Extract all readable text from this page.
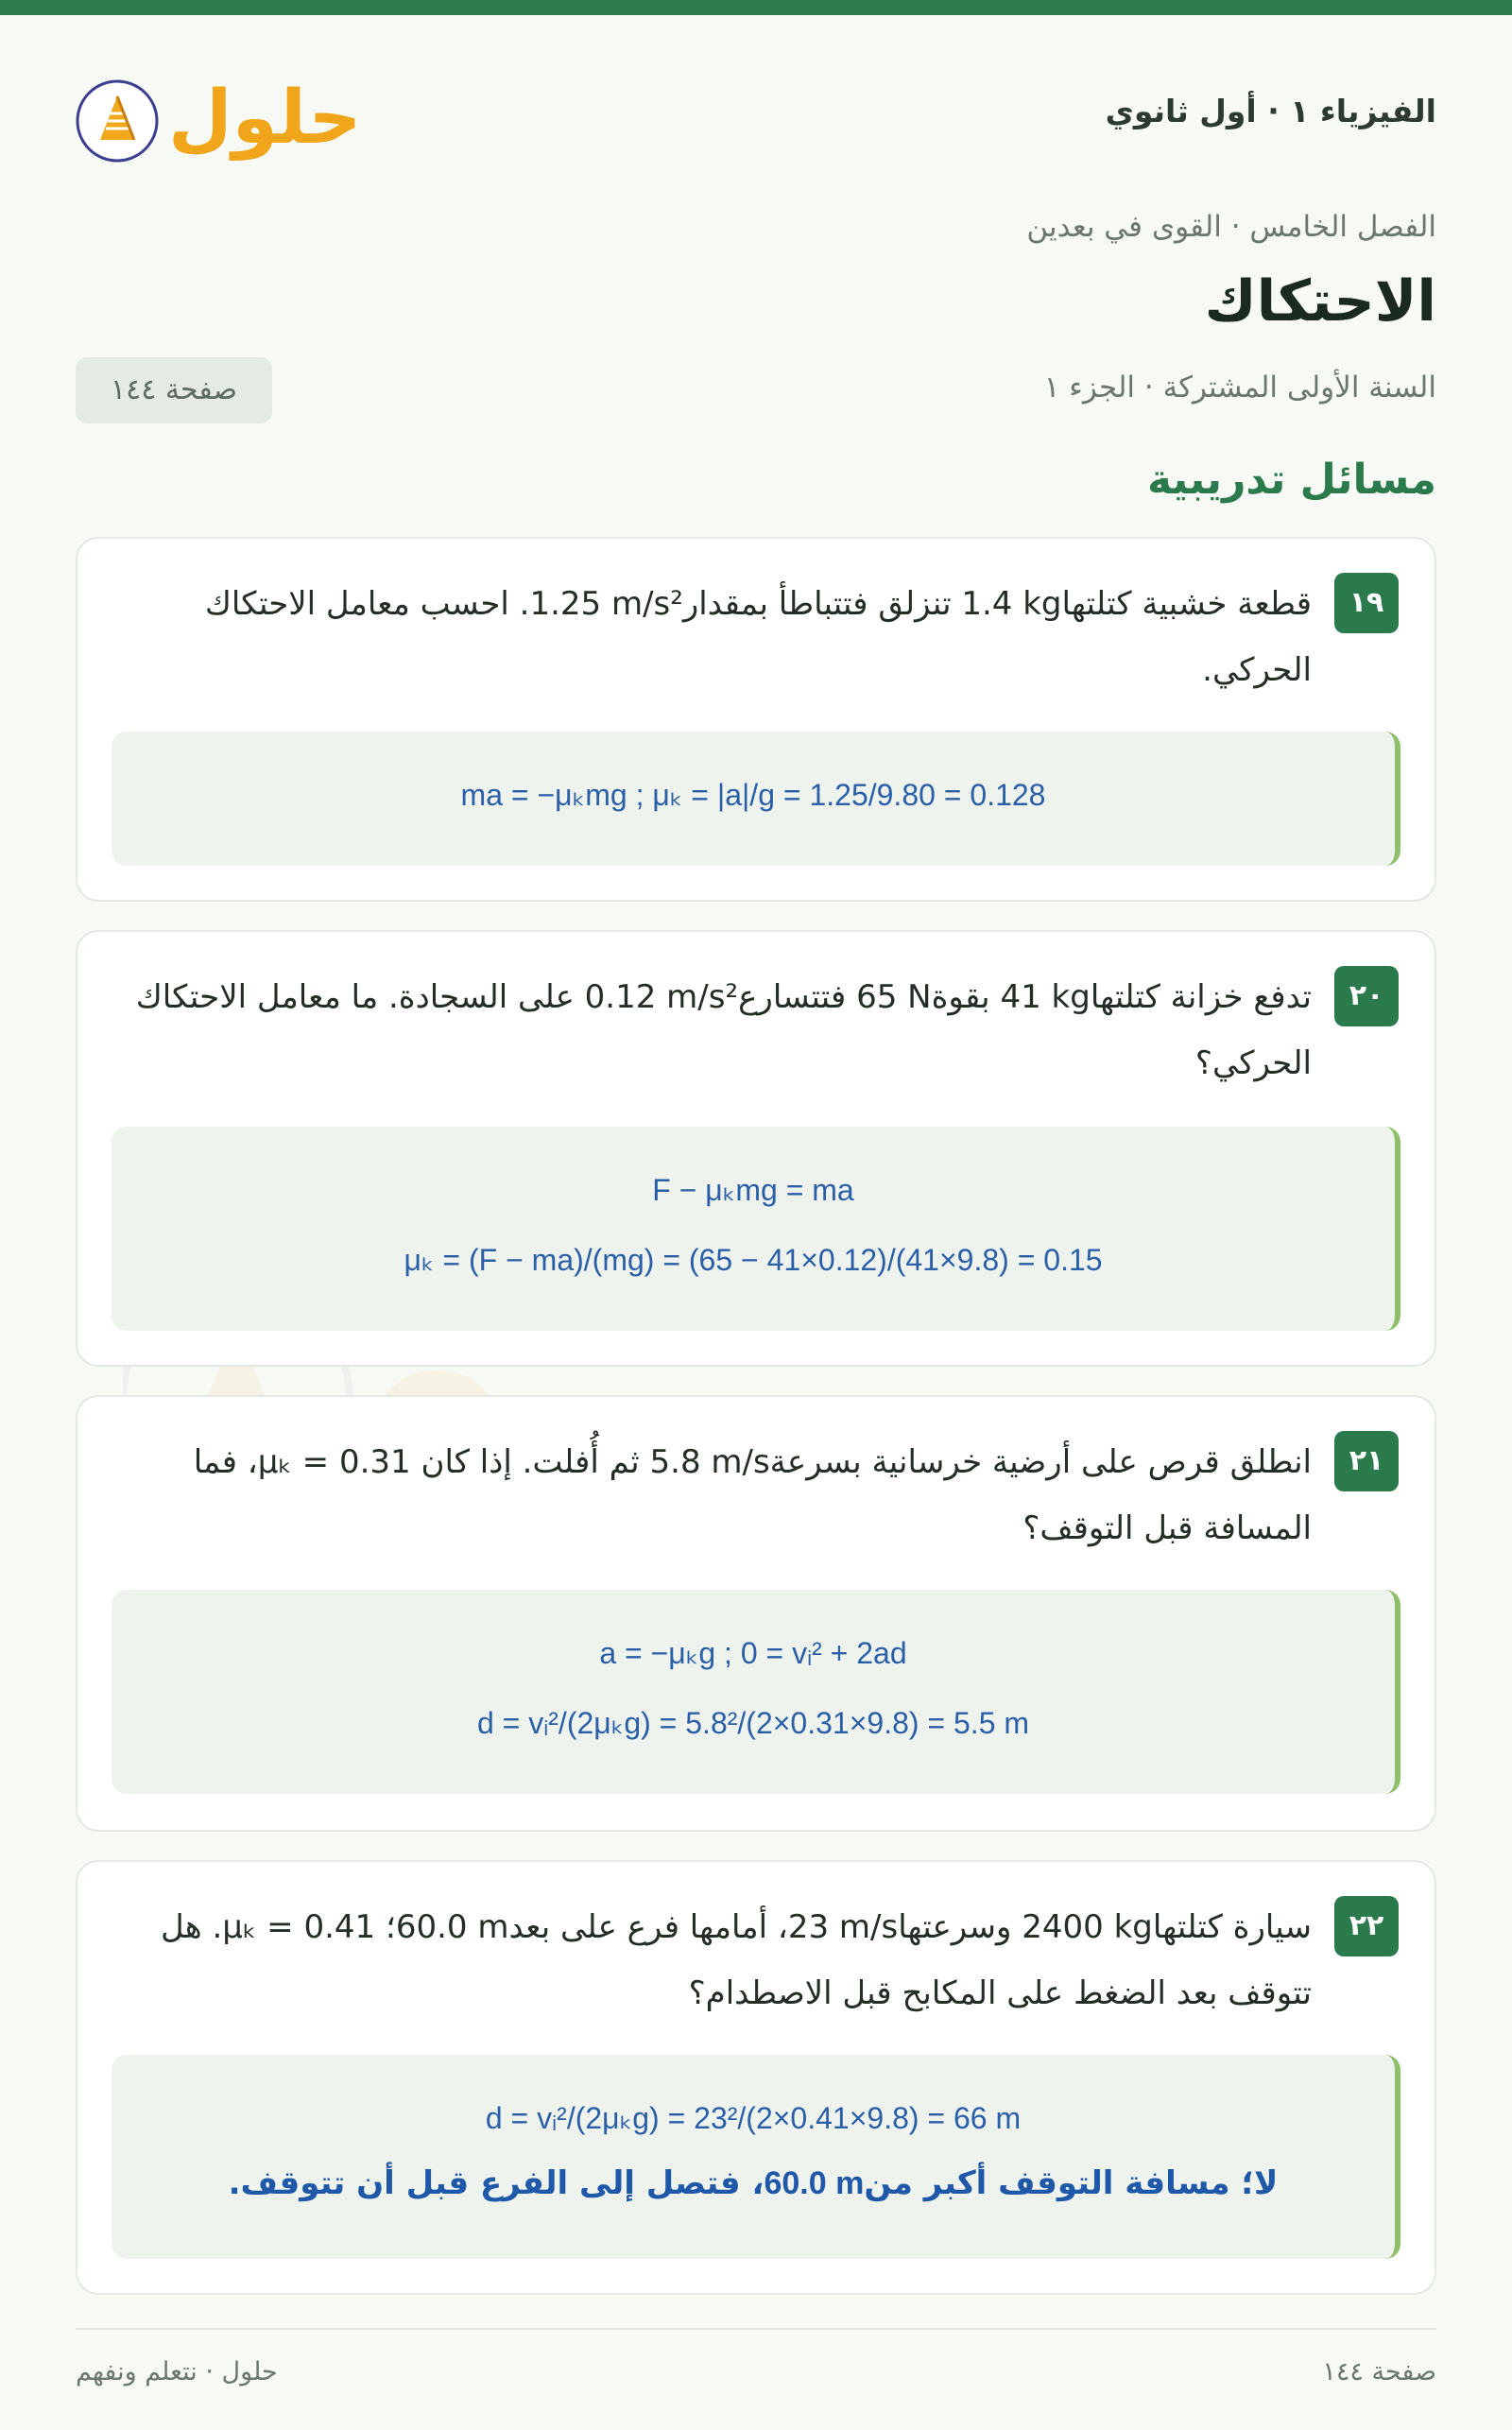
الفيزياء ١ · أول ثانوي
حلول
الفصل الخامس · القوى في بعدين
الاحتكاك
السنة الأولى المشتركة · الجزء ١
صفحة ١٤٤
مسائل تدريبية
١٩
قطعة خشبية كتلتها1.4 kg تنزلق فتتباطأ بمقدار1.25 m/s². احسب معامل الاحتكاك الحركي.
ma = −μₖmg ; μₖ = |a|/g = 1.25/9.80 = 0.128
٢٠
تدفع خزانة كتلتها41 kg بقوة65 N فتتسارع0.12 m/s² على السجادة. ما معامل الاحتكاك الحركي؟
F − μₖmg = ma
μₖ = (F − ma)/(mg) = (65 − 41×0.12)/(41×9.8) = 0.15
٢١
انطلق قرص على أرضية خرسانية بسرعة5.8 m/s ثم أُفلت. إذا كان μₖ = 0.31، فما المسافة قبل التوقف؟
a = −μₖg ; 0 = vᵢ² + 2ad
d = vᵢ²/(2μₖg) = 5.8²/(2×0.31×9.8) = 5.5 m
٢٢
سيارة كتلتها2400 kg وسرعتها23 m/s، أمامها فرع على بعد60.0 m؛ μₖ = 0.41. هل تتوقف بعد الضغط على المكابح قبل الاصطدام؟
d = vᵢ²/(2μₖg) = 23²/(2×0.41×9.8) = 66 m
لا؛ مسافة التوقف أكبر من60.0 m، فتصل إلى الفرع قبل أن تتوقف.
صفحة ١٤٤
حلول · نتعلم ونفهم
